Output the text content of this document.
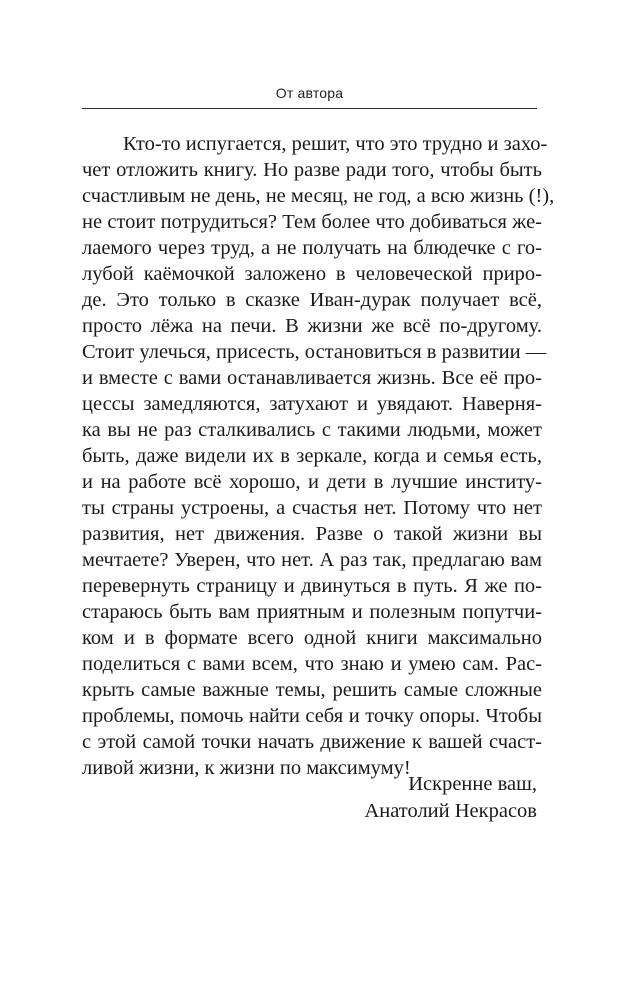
От автора
Кто-то испугается, решит, что это трудно и захо-
чет отложить книгу. Но разве ради того, чтобы быть
счастливым не день, не месяц, не год, а всю жизнь (!),
не стоит потрудиться? Тем более что добиваться же-
лаемого через труд, а не получать на блюдечке с го-
лубой каёмочкой заложено в человеческой приро-
де. Это только в сказке Иван-дурак получает всё,
просто лёжа на печи. В жизни же всё по-другому.
Стоит улечься, присесть, остановиться в развитии —
и вместе с вами останавливается жизнь. Все её про-
цессы замедляются, затухают и увядают. Наверня-
ка вы не раз сталкивались с такими людьми, может
быть, даже видели их в зеркале, когда и семья есть,
и на работе всё хорошо, и дети в лучшие институ-
ты страны устроены, а счастья нет. Потому что нет
развития, нет движения. Разве о такой жизни вы
мечтаете? Уверен, что нет. А раз так, предлагаю вам
перевернуть страницу и двинуться в путь. Я же по-
стараюсь быть вам приятным и полезным попутчи-
ком и в формате всего одной книги максимально
поделиться с вами всем, что знаю и умею сам. Рас-
крыть самые важные темы, решить самые сложные
проблемы, помочь найти себя и точку опоры. Чтобы
с этой самой точки начать движение к вашей счаст-
ливой жизни, к жизни по максимуму!
Искренне ваш,
Анатолий Некрасов
